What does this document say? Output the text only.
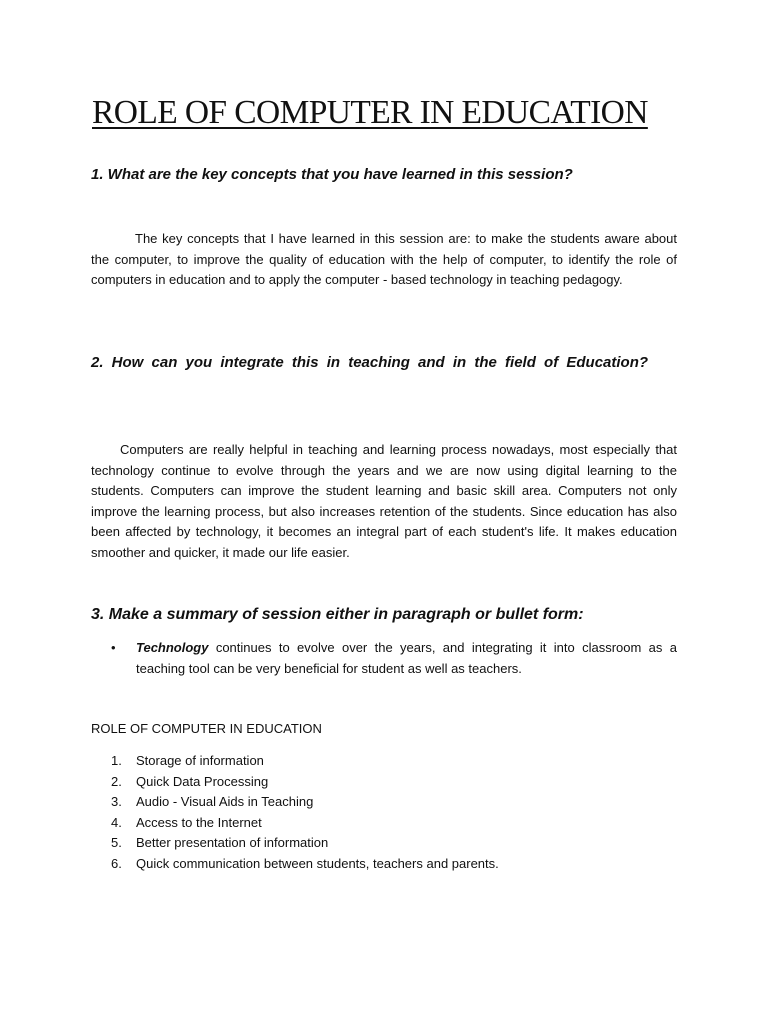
ROLE OF COMPUTER IN EDUCATION

1. What are the key concepts that you have learned in this session?

The key concepts that I have learned in this session are: to make the students aware about the computer, to improve the quality of education with the help of computer, to identify the role of computers in education and to apply the computer - based technology in teaching pedagogy.

2. How can you integrate this in teaching and in the field of Education?

Computers are really helpful in teaching and learning process nowadays, most especially that technology continue to evolve through the years and we are now using digital learning to the students. Computers can improve the student learning and basic skill area. Computers not only improve the learning process, but also increases retention of the students. Since education has also been affected by technology, it becomes an integral part of each student's life. It makes education smoother and quicker, it made our life easier.

3. Make a summary of session either in paragraph or bullet form:

• Technology continues to evolve over the years, and integrating it into classroom as a teaching tool can be very beneficial for student as well as teachers.

ROLE OF COMPUTER IN EDUCATION

1. Storage of information
2. Quick Data Processing
3. Audio - Visual Aids in Teaching
4. Access to the Internet
5. Better presentation of information
6. Quick communication between students, teachers and parents.
